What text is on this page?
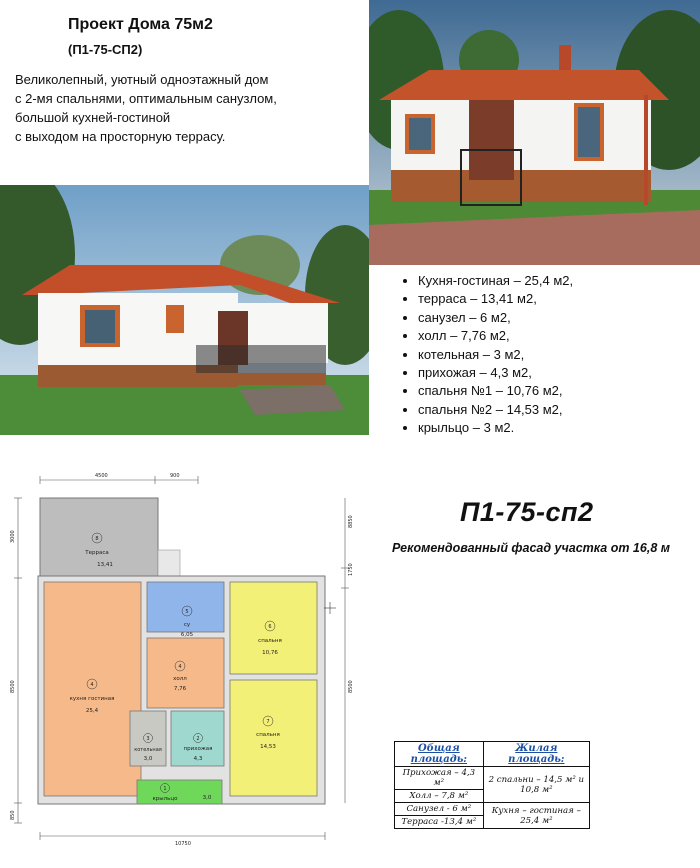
Проект Дома 75м2
(П1-75-СП2)
Великолепный, уютный одноэтажный дом
с 2-мя спальнями, оптимальным санузлом,
большой кухней-гостиной
с выходом на просторную террасу.
• Кухня-гостиная – 25,4 м2,
• терраса – 13,41 м2,
• санузел – 6 м2,
• холл – 7,76 м2,
• котельная – 3 м2,
• прихожая – 4,3 м2,
• спальня №1 – 10,76 м2,
• спальня №2 – 14,53 м2,
• крыльцо – 3 м2.
4500	900
3000
8500
850
1750
8500
8850
10750
8
Терраса
13,41
4
кухня гостиная
25,4
5
су
6,05
6
спальня
10,76
4
холл
7,76
7
спальня
14,53
3
котельная
3,0
2
прихожая
4,3
1
крыльцо	3,0
П1-75-сп2
Рекомендованный фасад участка от 16,8 м
Общая площадь:	Жилая площадь:
Прихожая – 4,3 м²	2 спальни – 14,5 м² и 10,8 м²
Холл – 7,8 м²	
Санузел - 6 м²	Кухня – гостиная – 25,4 м²
Терраса -13,4 м²	
